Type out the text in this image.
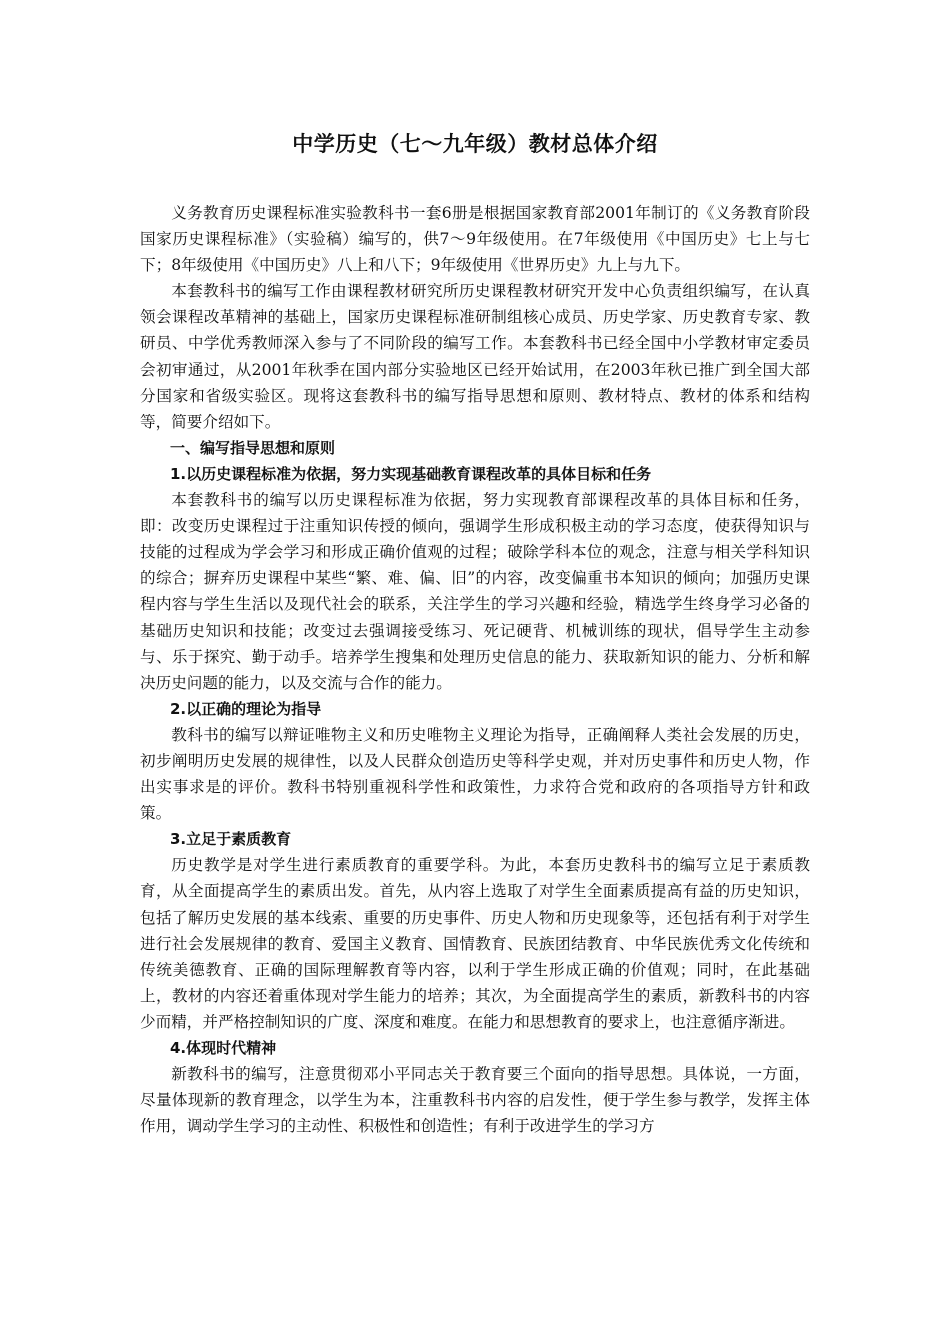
中学历史（七～九年级）教材总体介绍

义务教育历史课程标准实验教科书一套6册是根据国家教育部2001年制订的《义务教育阶段国家历史课程标准》（实验稿）编写的，供7～9年级使用。在7年级使用《中国历史》七上与七下；8年级使用《中国历史》八上和八下；9年级使用《世界历史》九上与九下。

本套教科书的编写工作由课程教材研究所历史课程教材研究开发中心负责组织编写，在认真领会课程改革精神的基础上，国家历史课程标准研制组核心成员、历史学家、历史教育专家、教研员、中学优秀教师深入参与了不同阶段的编写工作。本套教科书已经全国中小学教材审定委员会初审通过，从2001年秋季在国内部分实验地区已经开始试用，在2003年秋已推广到全国大部分国家和省级实验区。现将这套教科书的编写指导思想和原则、教材特点、教材的体系和结构等，简要介绍如下。

一、编写指导思想和原则

1.以历史课程标准为依据，努力实现基础教育课程改革的具体目标和任务

本套教科书的编写以历史课程标准为依据，努力实现教育部课程改革的具体目标和任务，即：改变历史课程过于注重知识传授的倾向，强调学生形成积极主动的学习态度，使获得知识与技能的过程成为学会学习和形成正确价值观的过程；破除学科本位的观念，注意与相关学科知识的综合；摒弃历史课程中某些“繁、难、偏、旧”的内容，改变偏重书本知识的倾向；加强历史课程内容与学生生活以及现代社会的联系，关注学生的学习兴趣和经验，精选学生终身学习必备的基础历史知识和技能；改变过去强调接受练习、死记硬背、机械训练的现状，倡导学生主动参与、乐于探究、勤于动手。培养学生搜集和处理历史信息的能力、获取新知识的能力、分析和解决历史问题的能力，以及交流与合作的能力。

2.以正确的理论为指导

教科书的编写以辩证唯物主义和历史唯物主义理论为指导，正确阐释人类社会发展的历史，初步阐明历史发展的规律性，以及人民群众创造历史等科学史观，并对历史事件和历史人物，作出实事求是的评价。教科书特别重视科学性和政策性，力求符合党和政府的各项指导方针和政策。

3.立足于素质教育

历史教学是对学生进行素质教育的重要学科。为此，本套历史教科书的编写立足于素质教育，从全面提高学生的素质出发。首先，从内容上选取了对学生全面素质提高有益的历史知识，包括了解历史发展的基本线索、重要的历史事件、历史人物和历史现象等，还包括有利于对学生进行社会发展规律的教育、爱国主义教育、国情教育、民族团结教育、中华民族优秀文化传统和传统美德教育、正确的国际理解教育等内容，以利于学生形成正确的价值观；同时，在此基础上，教材的内容还着重体现对学生能力的培养；其次，为全面提高学生的素质，新教科书的内容少而精，并严格控制知识的广度、深度和难度。在能力和思想教育的要求上，也注意循序渐进。

4.体现时代精神

新教科书的编写，注意贯彻邓小平同志关于教育要三个面向的指导思想。具体说，一方面，尽量体现新的教育理念，以学生为本，注重教科书内容的启发性，便于学生参与教学，发挥主体作用，调动学生学习的主动性、积极性和创造性；有利于改进学生的学习方
